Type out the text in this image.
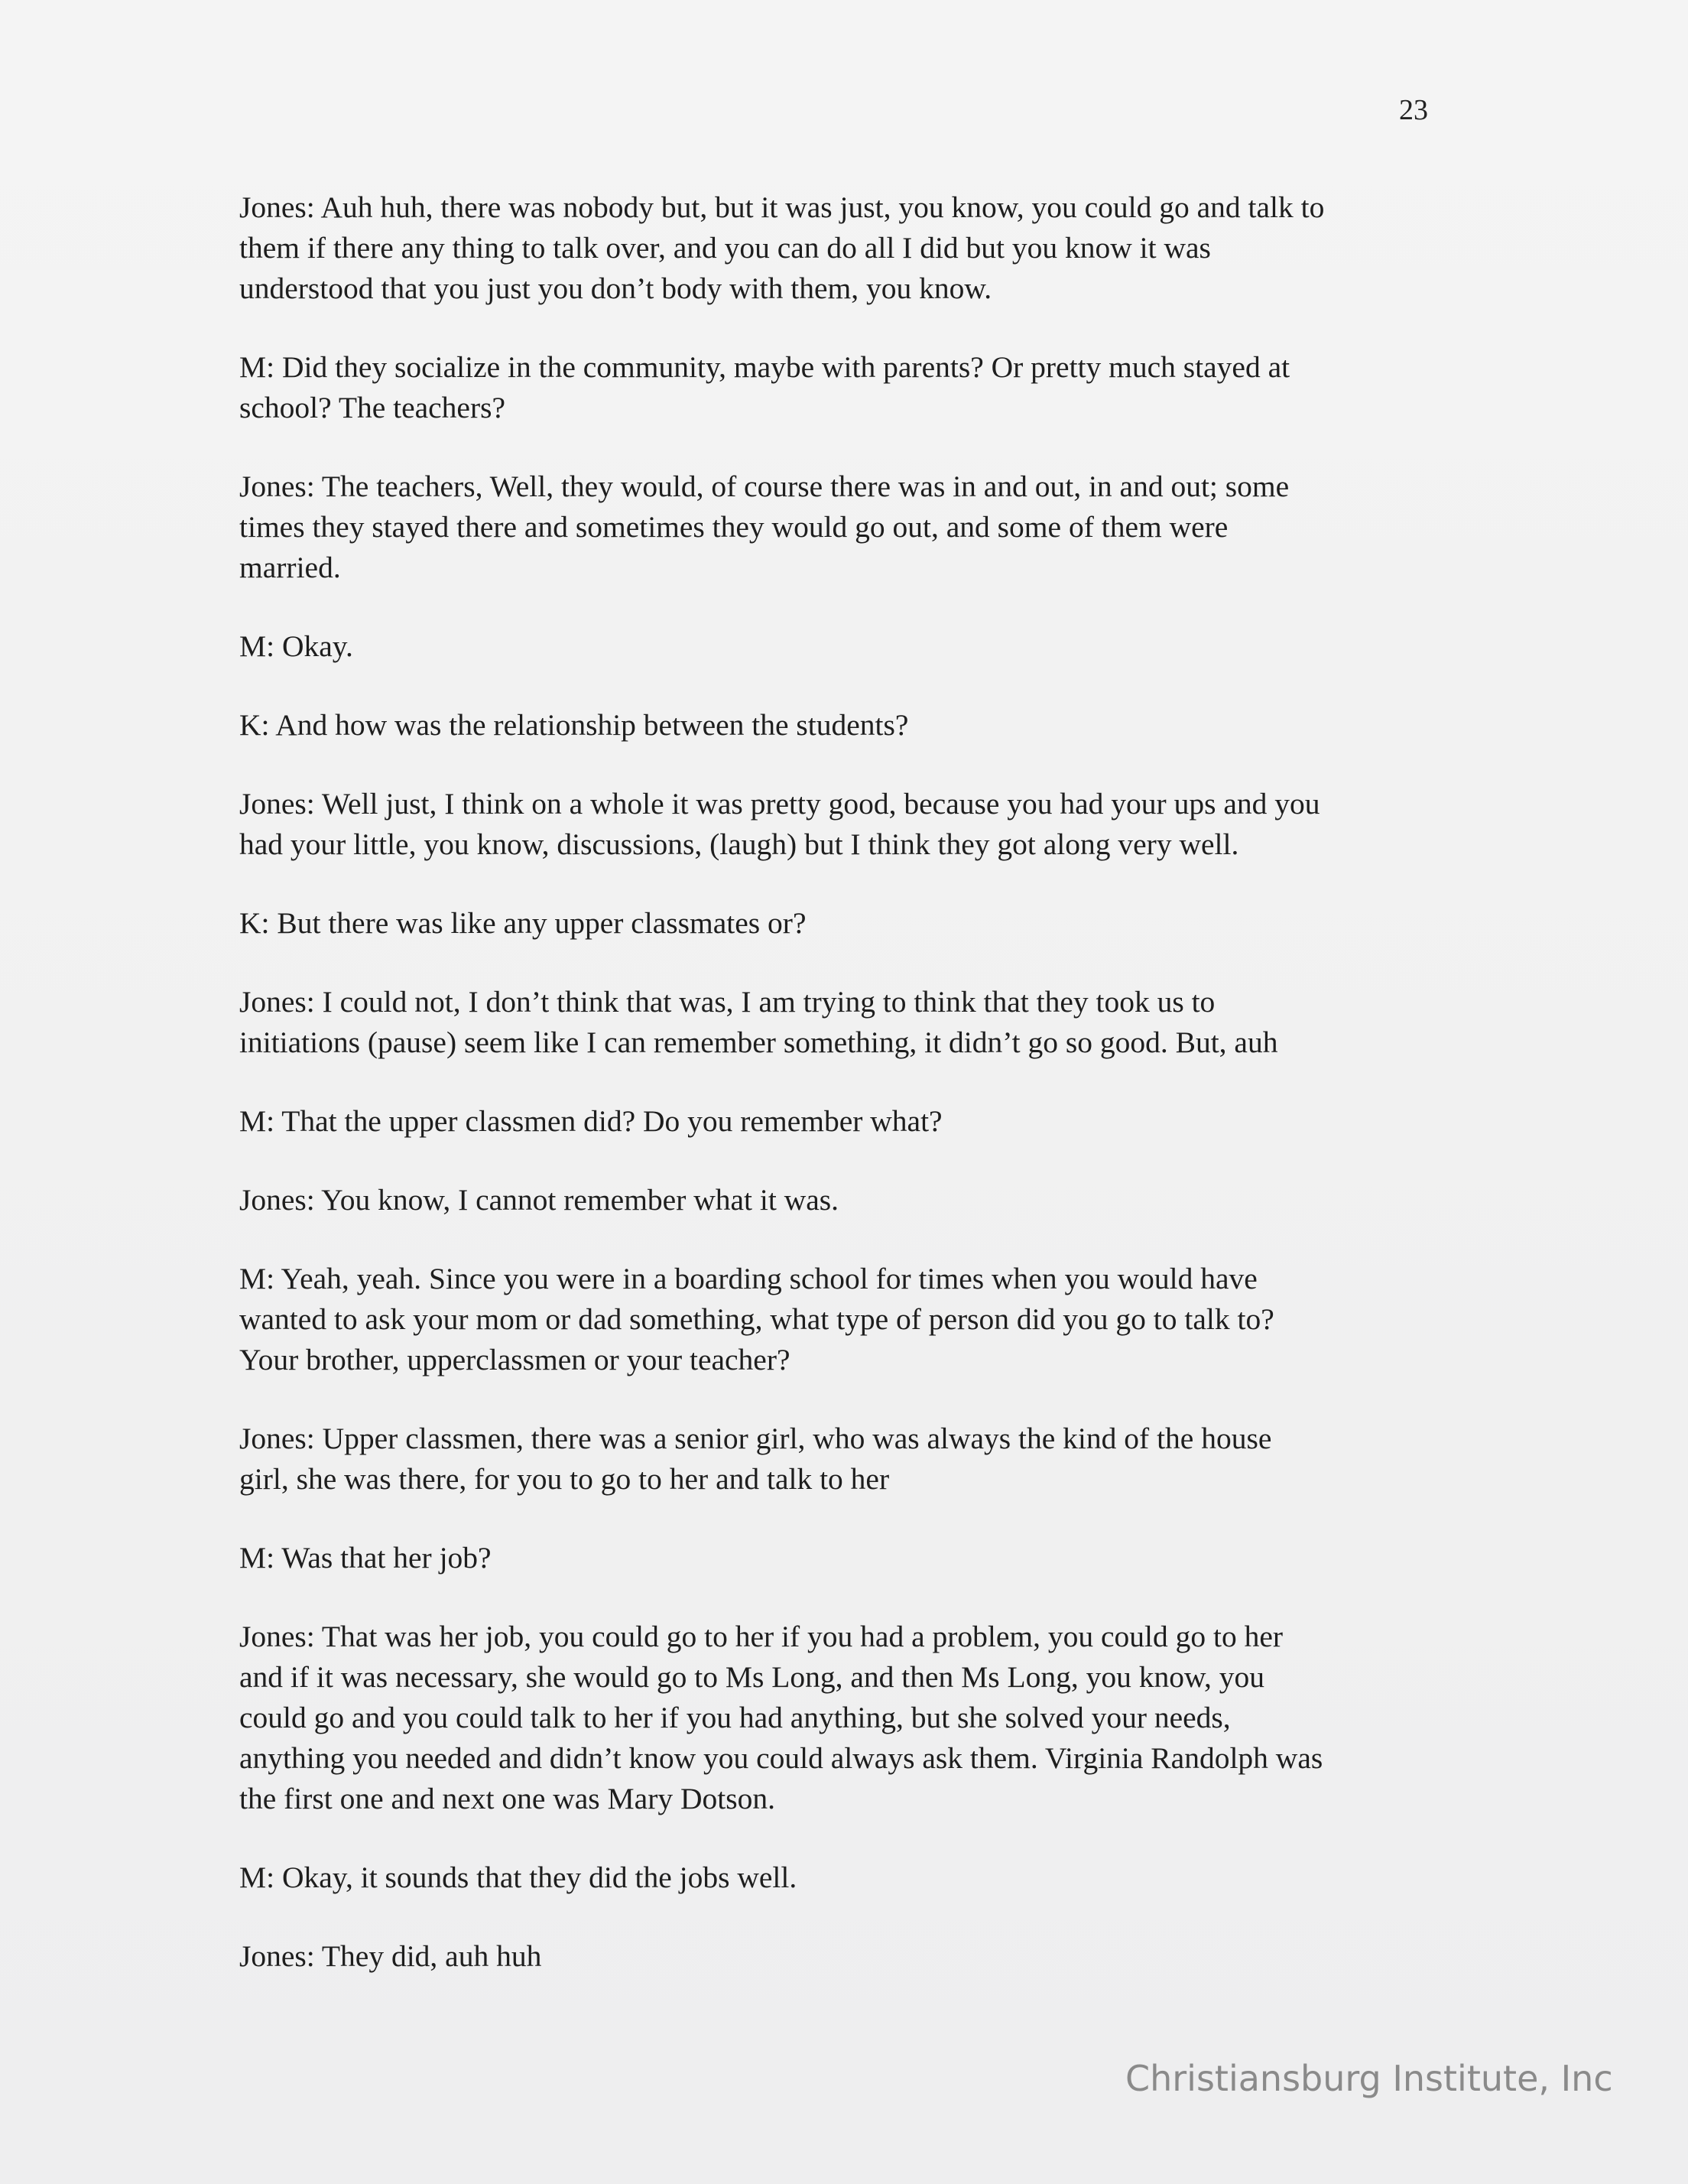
23

Jones: Auh huh, there was nobody but, but it was just, you know, you could go and talk to
them if there any thing to talk over, and you can do all I did but you know it was
understood that you just you don’t body with them, you know.

M: Did they socialize in the community, maybe with parents? Or pretty much stayed at
school? The teachers?

Jones: The teachers, Well, they would, of course there was in and out, in and out; some
times they stayed there and sometimes they would go out, and some of them were
married.

M: Okay.

K: And how was the relationship between the students?

Jones: Well just, I think on a whole it was pretty good, because you had your ups and you
had your little, you know, discussions, (laugh) but I think they got along very well.

K: But there was like any upper classmates or?

Jones: I could not, I don’t think that was, I am trying to think that they took us to
initiations (pause) seem like I can remember something, it didn’t go so good. But, auh

M: That the upper classmen did? Do you remember what?

Jones: You know, I cannot remember what it was.

M: Yeah, yeah. Since you were in a boarding school for times when you would have
wanted to ask your mom or dad something, what type of person did you go to talk to?
Your brother, upperclassmen or your teacher?

Jones: Upper classmen, there was a senior girl, who was always the kind of the house
girl, she was there, for you to go to her and talk to her

M: Was that her job?

Jones: That was her job, you could go to her if you had a problem, you could go to her
and if it was necessary, she would go to Ms Long, and then Ms Long, you know, you
could go and you could talk to her if you had anything, but she solved your needs,
anything you needed and didn’t know you could always ask them. Virginia Randolph was
the first one and next one was Mary Dotson.

M: Okay, it sounds that they did the jobs well.

Jones: They did, auh huh

Christiansburg Institute, Inc
